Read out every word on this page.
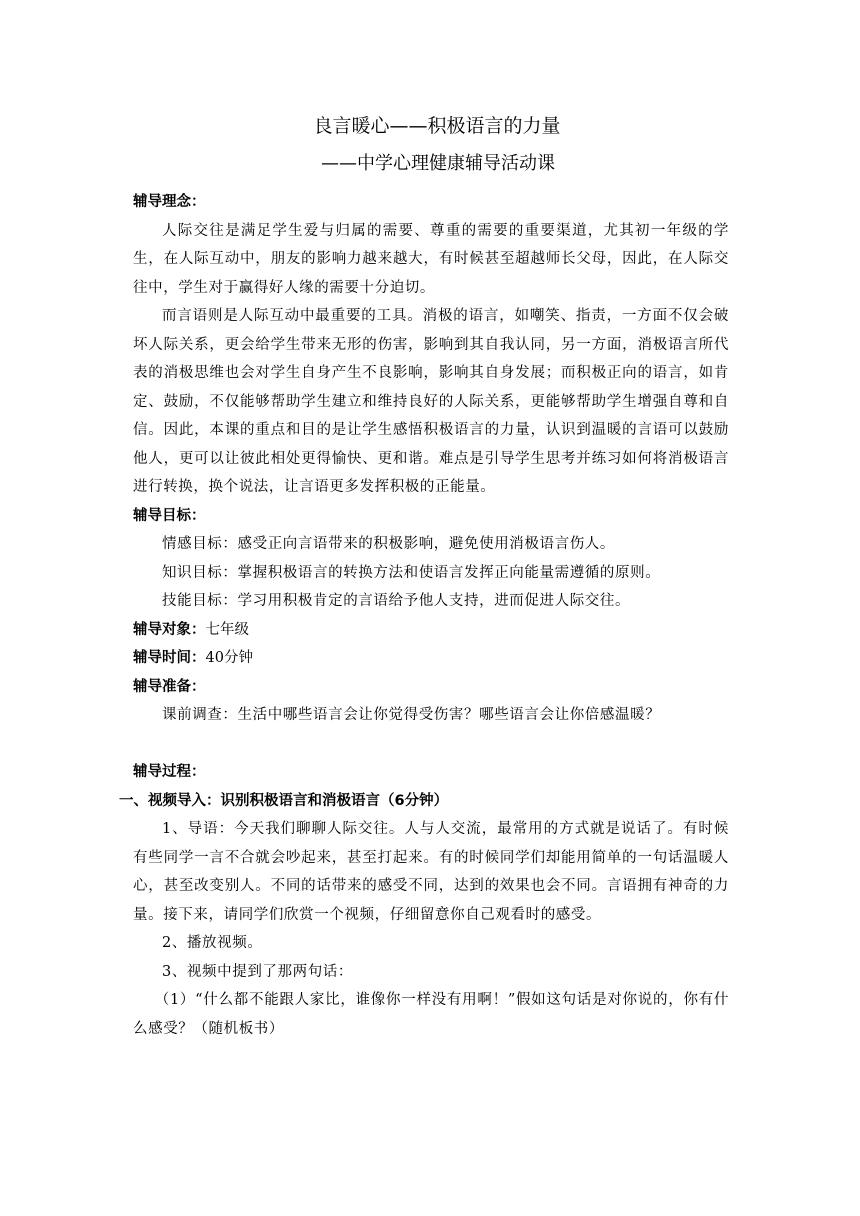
良言暖心——积极语言的力量
——中学心理健康辅导活动课

辅导理念：

人际交往是满足学生爱与归属的需要、尊重的需要的重要渠道，尤其初一年级的学生，在人际互动中，朋友的影响力越来越大，有时候甚至超越师长父母，因此，在人际交往中，学生对于赢得好人缘的需要十分迫切。

而言语则是人际互动中最重要的工具。消极的语言，如嘲笑、指责，一方面不仅会破坏人际关系，更会给学生带来无形的伤害，影响到其自我认同，另一方面，消极语言所代表的消极思维也会对学生自身产生不良影响，影响其自身发展；而积极正向的语言，如肯定、鼓励，不仅能够帮助学生建立和维持良好的人际关系，更能够帮助学生增强自尊和自信。因此，本课的重点和目的是让学生感悟积极语言的力量，认识到温暖的言语可以鼓励他人，更可以让彼此相处更得愉快、更和谐。难点是引导学生思考并练习如何将消极语言进行转换，换个说法，让言语更多发挥积极的正能量。

辅导目标：

情感目标：感受正向言语带来的积极影响，避免使用消极语言伤人。

知识目标：掌握积极语言的转换方法和使语言发挥正向能量需遵循的原则。

技能目标：学习用积极肯定的言语给予他人支持，进而促进人际交往。

辅导对象：七年级

辅导时间：40分钟

辅导准备：

课前调查：生活中哪些语言会让你觉得受伤害？哪些语言会让你倍感温暖？

辅导过程：

一、视频导入：识别积极语言和消极语言（6分钟）

1、导语：今天我们聊聊人际交往。人与人交流，最常用的方式就是说话了。有时候有些同学一言不合就会吵起来，甚至打起来。有的时候同学们却能用简单的一句话温暖人心，甚至改变别人。不同的话带来的感受不同，达到的效果也会不同。言语拥有神奇的力量。接下来，请同学们欣赏一个视频，仔细留意你自己观看时的感受。

2、播放视频。

3、视频中提到了那两句话：

（1）“什么都不能跟人家比，谁像你一样没有用啊！”假如这句话是对你说的，你有什么感受？（随机板书）
